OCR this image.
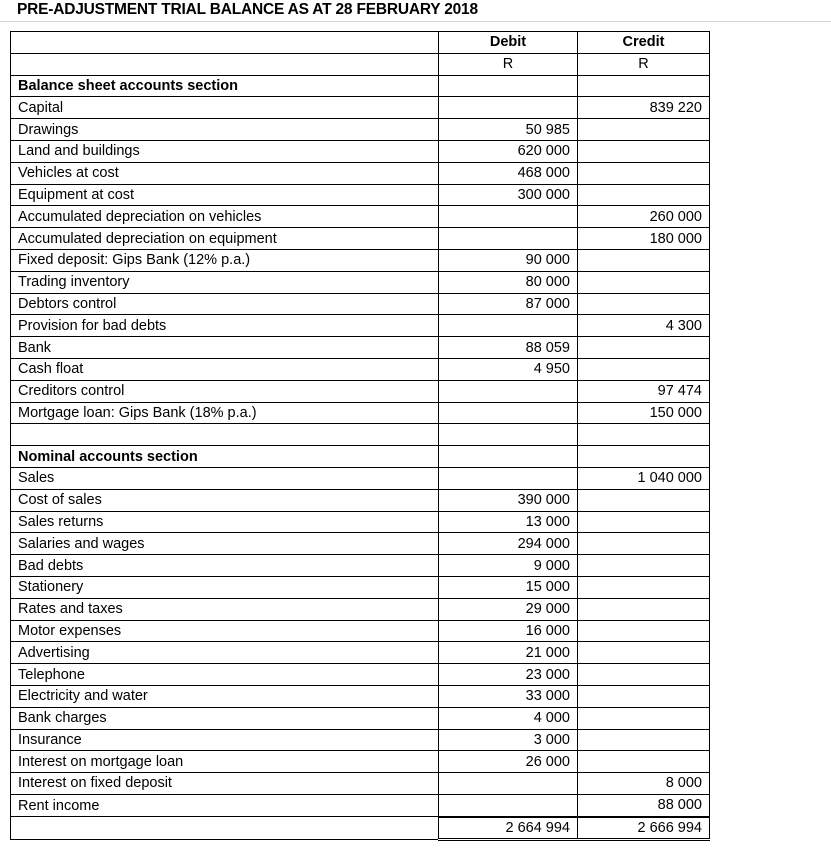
PRE-ADJUSTMENT TRIAL BALANCE AS AT 28 FEBRUARY 2018
	Debit	Credit
	R	R
Balance sheet accounts section		
Capital		839 220
Drawings	50 985	
Land and buildings	620 000	
Vehicles at cost	468 000	
Equipment at cost	300 000	
Accumulated depreciation on vehicles		260 000
Accumulated depreciation on equipment		180 000
Fixed deposit: Gips Bank (12% p.a.)	90 000	
Trading inventory	80 000	
Debtors control	87 000	
Provision for bad debts		4 300
Bank	88 059	
Cash float	4 950	
Creditors control		97 474
Mortgage loan: Gips Bank (18% p.a.)		150 000

Nominal accounts section		
Sales		1 040 000
Cost of sales	390 000	
Sales returns	13 000	
Salaries and wages	294 000	
Bad debts	9 000	
Stationery	15 000	
Rates and taxes	29 000	
Motor expenses	16 000	
Advertising	21 000	
Telephone	23 000	
Electricity and water	33 000	
Bank charges	4 000	
Insurance	3 000	
Interest on mortgage loan	26 000	
Interest on fixed deposit		8 000
Rent income		88 000
	2 664 994	2 666 994
